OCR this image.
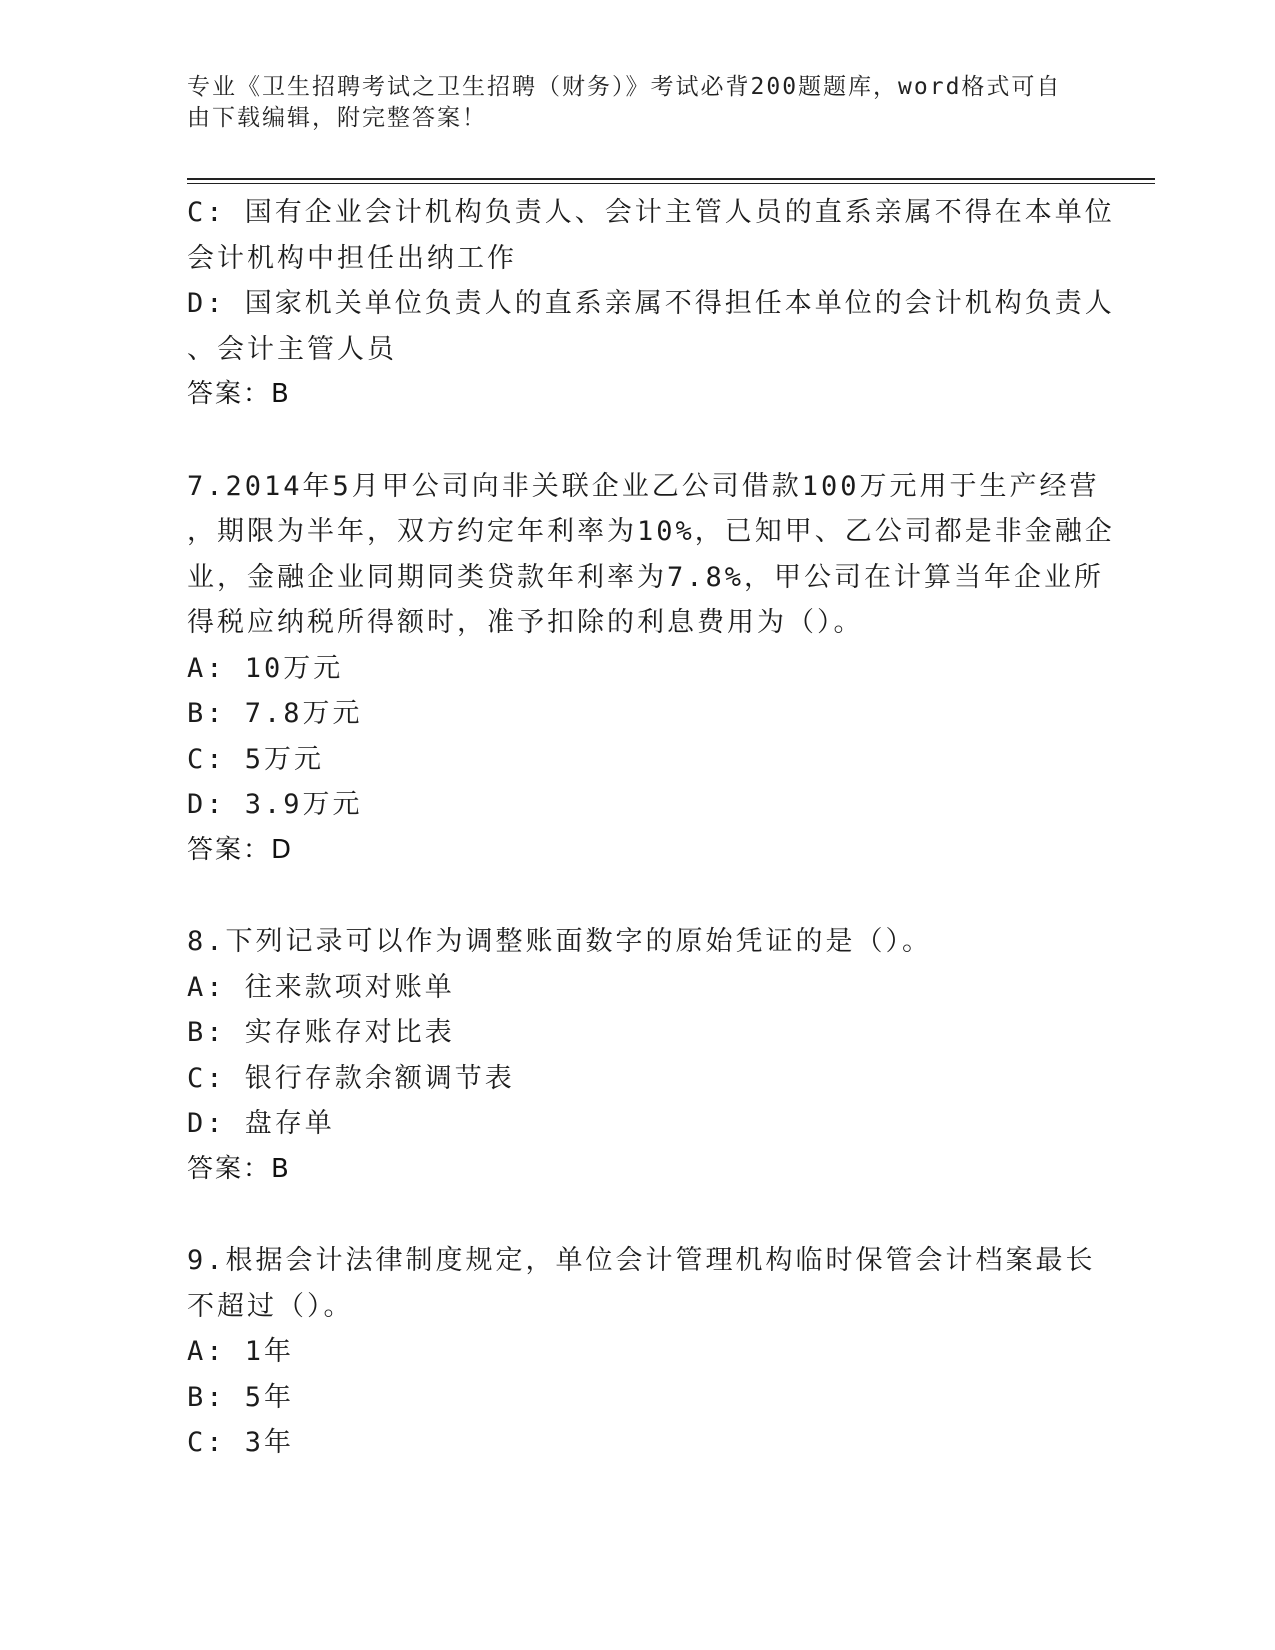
专业《卫生招聘考试之卫生招聘（财务）》考试必背200题题库，word格式可自
由下载编辑，附完整答案！
C: 国有企业会计机构负责人、会计主管人员的直系亲属不得在本单位
会计机构中担任出纳工作
D: 国家机关单位负责人的直系亲属不得担任本单位的会计机构负责人
、会计主管人员
答案：B
7.2014年5月甲公司向非关联企业乙公司借款100万元用于生产经营
，期限为半年，双方约定年利率为10%，已知甲、乙公司都是非金融企
业，金融企业同期同类贷款年利率为7.8%，甲公司在计算当年企业所
得税应纳税所得额时，准予扣除的利息费用为（）。
A: 10万元
B: 7.8万元
C: 5万元
D: 3.9万元
答案：D
8.下列记录可以作为调整账面数字的原始凭证的是（）。
A: 往来款项对账单
B: 实存账存对比表
C: 银行存款余额调节表
D: 盘存单
答案：B
9.根据会计法律制度规定，单位会计管理机构临时保管会计档案最长
不超过（）。
A: 1年
B: 5年
C: 3年
